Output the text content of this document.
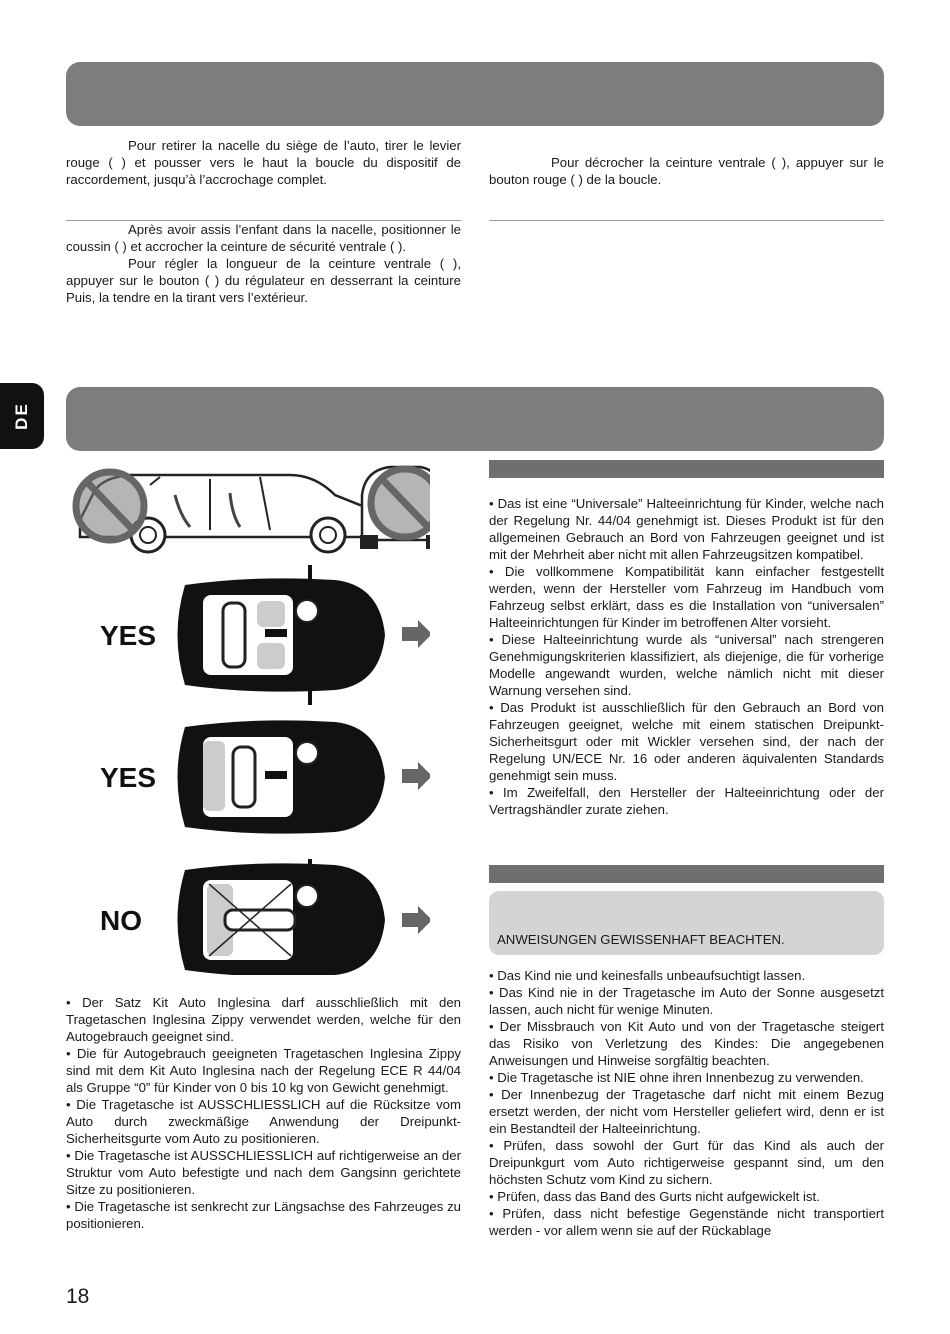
Pour retirer la nacelle du siège de l’auto, tirer le levier rouge ( ) et pousser vers le haut la boucle du dispositif de raccordement, jusqu’à l’accrochage complet.

Pour décrocher la ceinture ventrale ( ), appuyer sur le bouton rouge ( ) de la boucle.

Après avoir assis l’enfant dans la nacelle, positionner le coussin ( ) et accrocher la ceinture de sécurité ventrale ( ).

Pour régler la longueur de la ceinture ventrale ( ), appuyer sur le bouton ( ) du régulateur en desserrant la ceinture Puis, la tendre en la tirant vers l’extérieur.

DE
YES
YES
NO

• Der Satz Kit Auto Inglesina darf ausschließlich mit den Tragetaschen Inglesina Zippy verwendet werden, welche für den Autogebrauch geeignet sind.

• Die für Autogebrauch geeigneten Tragetaschen Inglesina Zippy sind mit dem Kit Auto Inglesina nach der Regelung ECE R 44/04 als Gruppe “0” für Kinder von 0 bis 10 kg von Gewicht genehmigt.

• Die Tragetasche ist AUSSCHLIESSLICH auf die Rücksitze vom Auto durch zweckmäßige Anwendung der Dreipunkt-Sicherheitsgurte vom Auto zu positionieren.

• Die Tragetasche ist AUSSCHLIESSLICH auf richtigerweise an der Struktur vom Auto befestigte und nach dem Gangsinn gerichtete Sitze zu positionieren.

• Die Tragetasche ist senkrecht zur Längsachse des Fahrzeuges zu positionieren.

• Das ist eine “Universale” Halteeinrichtung für Kinder, welche nach der Regelung Nr. 44/04 genehmigt ist. Dieses Produkt ist für den allgemeinen Gebrauch an Bord von Fahrzeugen geeignet und ist mit der Mehrheit aber nicht mit allen Fahrzeugsitzen kompatibel.

• Die vollkommene Kompatibilität kann einfacher festgestellt werden, wenn der Hersteller vom Fahrzeug im Handbuch vom Fahrzeug selbst erklärt, dass es die Installation von “universalen” Halteeinrichtungen für Kinder im betroffenen Alter vorsieht.

• Diese Halteeinrichtung wurde als “universal” nach strengeren Genehmigungskriterien klassifiziert, als diejenige, die für vorherige Modelle angewandt wurden, welche nämlich nicht mit dieser Warnung versehen sind.

• Das Produkt ist ausschließlich für den Gebrauch an Bord von Fahrzeugen geeignet, welche mit einem statischen Dreipunkt-Sicherheitsgurt oder mit Wickler versehen sind, der nach der Regelung UN/ECE Nr. 16 oder anderen äquivalenten Standards genehmigt sein muss.

• Im Zweifelfall, den Hersteller der Halteeinrichtung oder der Vertragshändler zurate ziehen.

ANWEISUNGEN GEWISSENHAFT BEACHTEN.

• Das Kind nie und keinesfalls unbeaufsuchtigt lassen.

• Das Kind nie in der Tragetasche im Auto der Sonne ausgesetzt lassen, auch nicht für wenige Minuten.

• Der Missbrauch von Kit Auto und von der Tragetasche steigert das Risiko von Verletzung des Kindes: Die angegebenen Anweisungen und Hinweise sorgfältig beachten.

• Die Tragetasche ist NIE ohne ihren Innenbezug zu verwenden.

• Der Innenbezug der Tragetasche darf nicht mit einem Bezug ersetzt werden, der nicht vom Hersteller geliefert wird, denn er ist ein Bestandteil der Halteeinrichtung.

• Prüfen, dass sowohl der Gurt für das Kind als auch der Dreipunkgurt vom Auto richtigerweise gespannt sind, um den höchsten Schutz vom Kind zu sichern.

• Prüfen, dass das Band des Gurts nicht aufgewickelt ist.

• Prüfen, dass nicht befestige Gegenstände nicht transportiert werden - vor allem wenn sie auf der Rückablage

18
